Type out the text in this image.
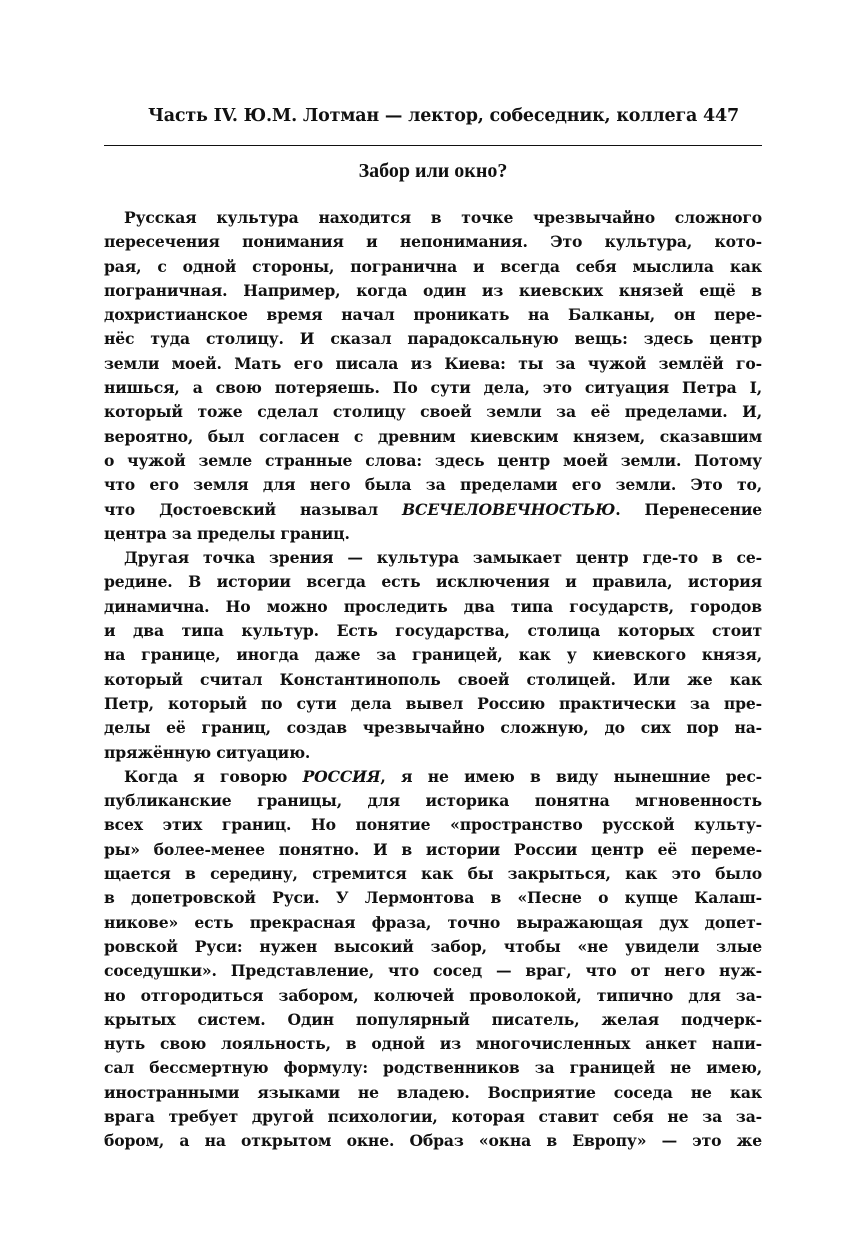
Часть IV. Ю.М. Лотман — лектор, собеседник, коллега 447
Забор или окно?
Русская культура находится в точке чрезвычайно сложного
пересечения понимания и непонимания. Это культура, кото-
рая, с одной стороны, погранична и всегда себя мыслила как
пограничная. Например, когда один из киевских князей ещё в
дохристианское время начал проникать на Балканы, он пере-
нёс туда столицу. И сказал парадоксальную вещь: здесь центр
земли моей. Мать его писала из Киева: ты за чужой землёй го-
нишься, а свою потеряешь. По сути дела, это ситуация Петра I,
который тоже сделал столицу своей земли за её пределами. И,
вероятно, был согласен с древним киевским князем, сказавшим
о чужой земле странные слова: здесь центр моей земли. Потому
что его земля для него была за пределами его земли. Это то,
что Достоевский называл ВСЕЧЕЛОВЕЧНОСТЬЮ. Перенесение
центра за пределы границ.
Другая точка зрения — культура замыкает центр где-то в се-
редине. В истории всегда есть исключения и правила, история
динамична. Но можно проследить два типа государств, городов
и два типа культур. Есть государства, столица которых стоит
на границе, иногда даже за границей, как у киевского князя,
который считал Константинополь своей столицей. Или же как
Петр, который по сути дела вывел Россию практически за пре-
делы её границ, создав чрезвычайно сложную, до сих пор на-
пряжённую ситуацию.
Когда я говорю РОССИЯ, я не имею в виду нынешние рес-
публиканские границы, для историка понятна мгновенность
всех этих границ. Но понятие «пространство русской культу-
ры» более-менее понятно. И в истории России центр её переме-
щается в середину, стремится как бы закрыться, как это было
в допетровской Руси. У Лермонтова в «Песне о купце Калаш-
никове» есть прекрасная фраза, точно выражающая дух допет-
ровской Руси: нужен высокий забор, чтобы «не увидели злые
соседушки». Представление, что сосед — враг, что от него нуж-
но отгородиться забором, колючей проволокой, типично для за-
крытых систем. Один популярный писатель, желая подчерк-
нуть свою лояльность, в одной из многочисленных анкет напи-
сал бессмертную формулу: родственников за границей не имею,
иностранными языками не владею. Восприятие соседа не как
врага требует другой психологии, которая ставит себя не за за-
бором, а на открытом окне. Образ «окна в Европу» — это же
